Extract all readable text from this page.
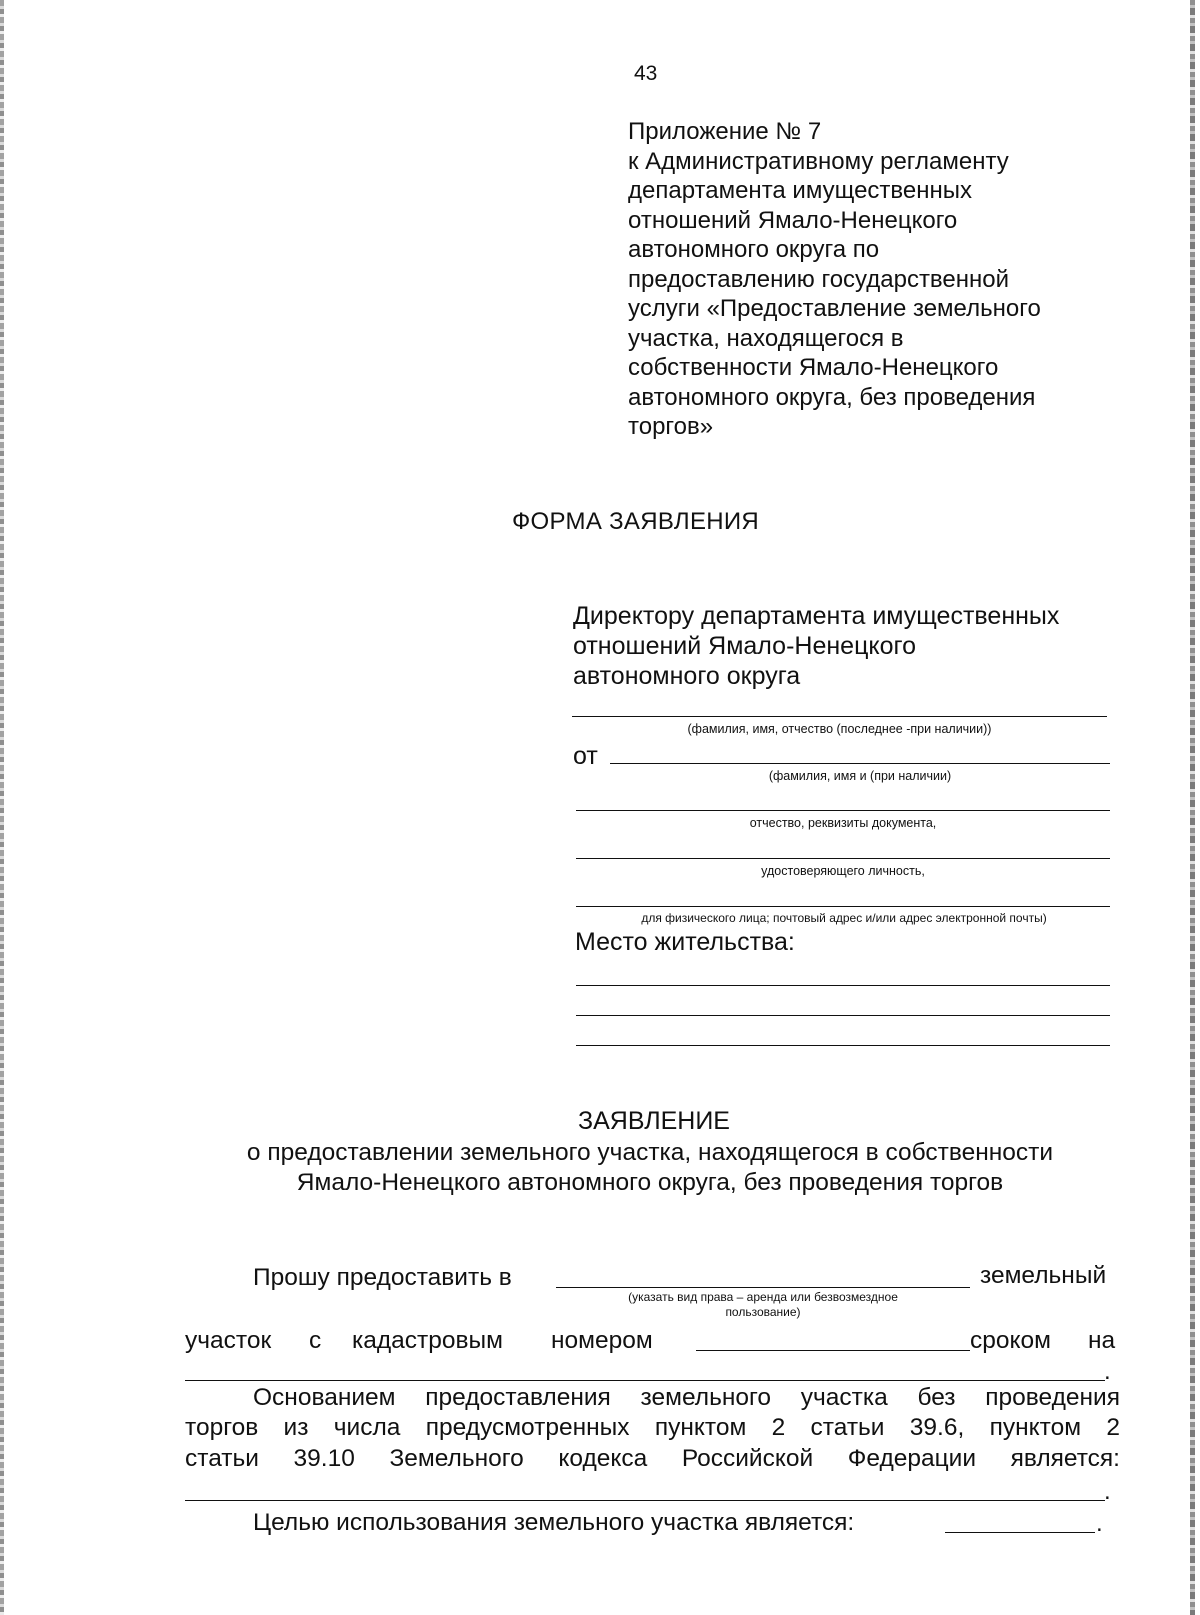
43
Приложение № 7
к Административному регламенту
департамента имущественных
отношений Ямало-Ненецкого
автономного округа по
предоставлению государственной
услуги «Предоставление земельного
участка, находящегося в
собственности Ямало-Ненецкого
автономного округа, без проведения
торгов»
ФОРМА ЗАЯВЛЕНИЯ
Директору департамента имущественных
отношений Ямало-Ненецкого
автономного округа
(фамилия, имя, отчество (последнее -при наличии))
от
(фамилия, имя и (при наличии)
отчество, реквизиты документа,
удостоверяющего личность,
для физического лица; почтовый адрес и/или адрес электронной почты)
Место жительства:
ЗАЯВЛЕНИЕ
о предоставлении земельного участка, находящегося в собственности
Ямало-Ненецкого автономного округа, без проведения торгов
Прошу предоставить в	земельный
(указать вид права – аренда или безвозмездное
пользование)
участок с кадастровым номером	сроком на
.
Основанием предоставления земельного участка без проведения
торгов из числа предусмотренных пунктом 2 статьи 39.6, пунктом 2
статьи 39.10 Земельного кодекса Российской Федерации является:
.
Целью использования земельного участка является:	.
